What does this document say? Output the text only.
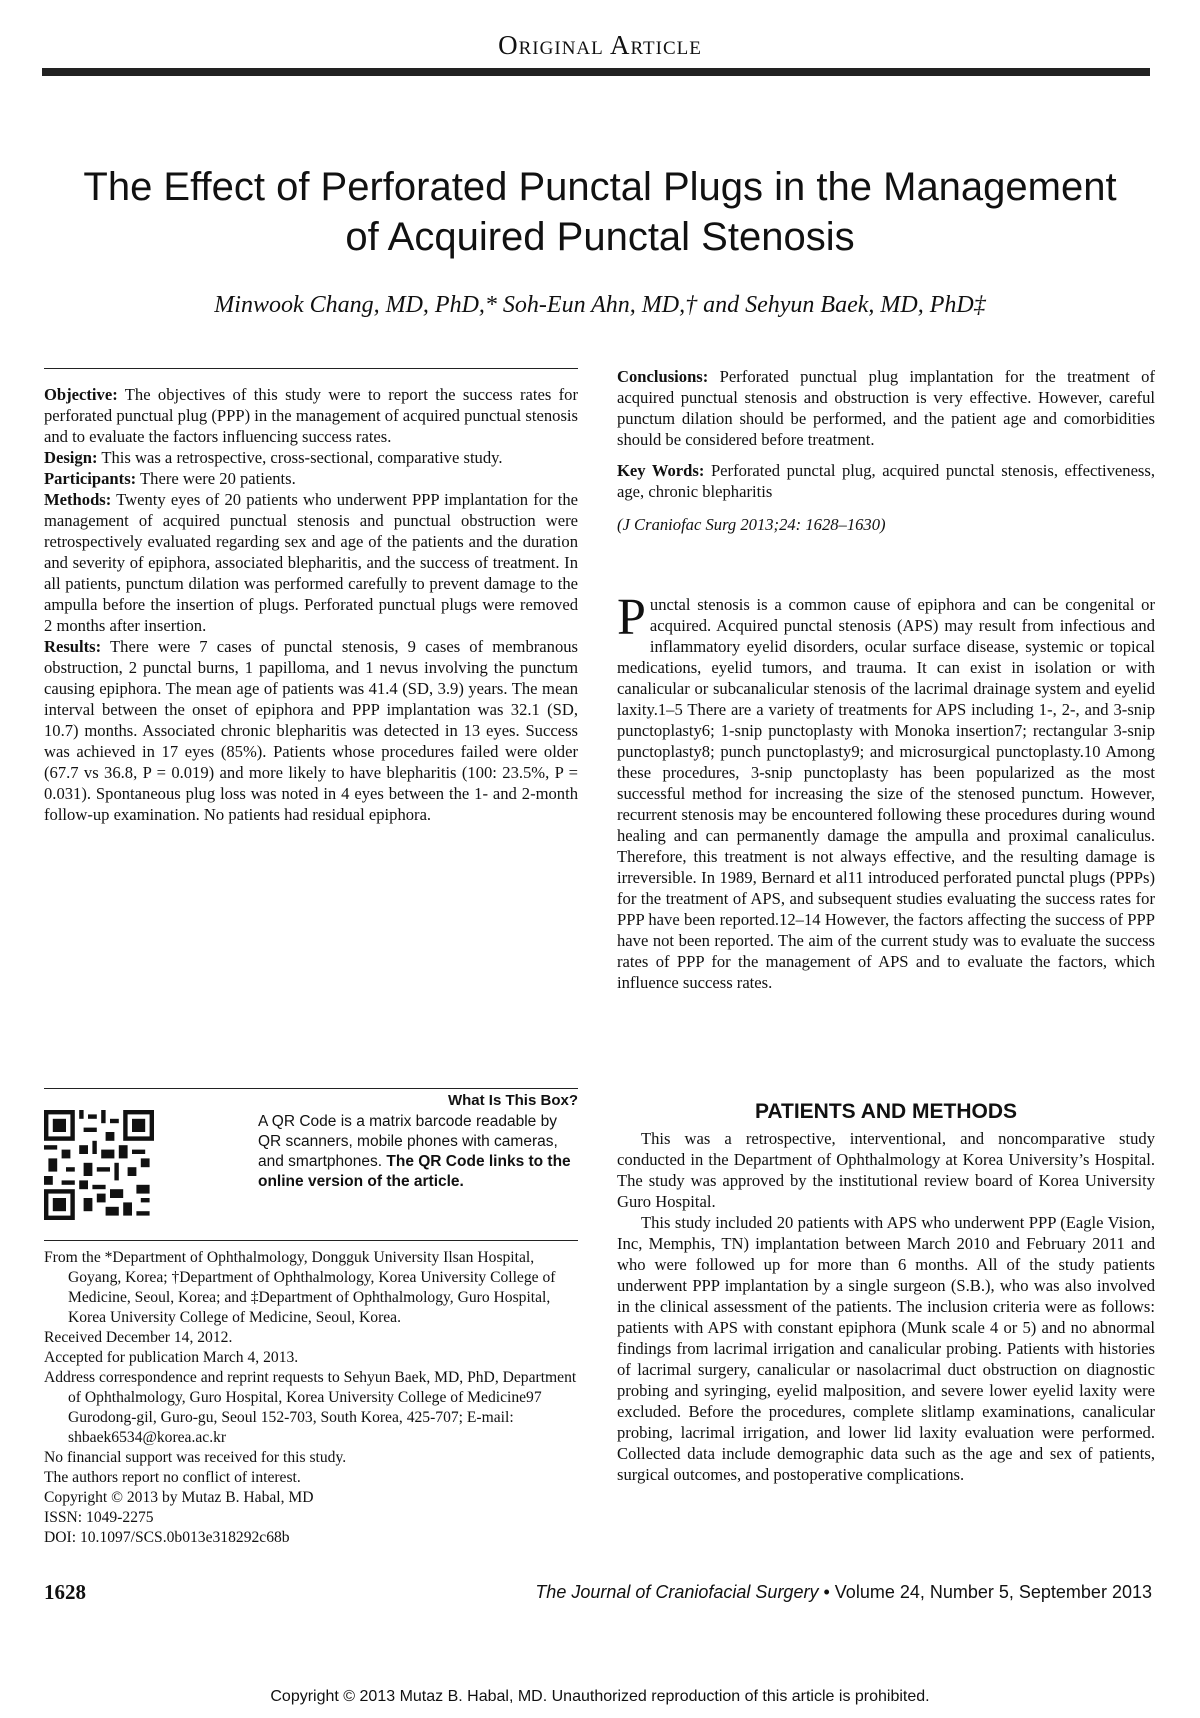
Original Article
The Effect of Perforated Punctal Plugs in the Management
of Acquired Punctal Stenosis
Minwook Chang, MD, PhD,* Soh-Eun Ahn, MD,† and Sehyun Baek, MD, PhD‡

Objective: The objectives of this study were to report the success rates for perforated punctual plug (PPP) in the management of acquired punctual stenosis and to evaluate the factors influencing success rates.

Design: This was a retrospective, cross-sectional, comparative study.

Participants: There were 20 patients.

Methods: Twenty eyes of 20 patients who underwent PPP implantation for the management of acquired punctual stenosis and punctual obstruction were retrospectively evaluated regarding sex and age of the patients and the duration and severity of epiphora, associated blepharitis, and the success of treatment. In all patients, punctum dilation was performed carefully to prevent damage to the ampulla before the insertion of plugs. Perforated punctual plugs were removed 2 months after insertion.

Results: There were 7 cases of punctal stenosis, 9 cases of membranous obstruction, 2 punctal burns, 1 papilloma, and 1 nevus involving the punctum causing epiphora. The mean age of patients was 41.4 (SD, 3.9) years. The mean interval between the onset of epiphora and PPP implantation was 32.1 (SD, 10.7) months. Associated chronic blepharitis was detected in 13 eyes. Success was achieved in 17 eyes (85%). Patients whose procedures failed were older (67.7 vs 36.8, P = 0.019) and more likely to have blepharitis (100: 23.5%, P = 0.031). Spontaneous plug loss was noted in 4 eyes between the 1- and 2-month follow-up examination. No patients had residual epiphora.

Conclusions: Perforated punctual plug implantation for the treatment of acquired punctual stenosis and obstruction is very effective. However, careful punctum dilation should be performed, and the patient age and comorbidities should be considered before treatment.

Key Words: Perforated punctal plug, acquired punctal stenosis, effectiveness, age, chronic blepharitis

(J Craniofac Surg 2013;24: 1628–1630)

Punctal stenosis is a common cause of epiphora and can be congenital or acquired. Acquired punctal stenosis (APS) may result from infectious and inflammatory eyelid disorders, ocular surface disease, systemic or topical medications, eyelid tumors, and trauma. It can exist in isolation or with canalicular or subcanalicular stenosis of the lacrimal drainage system and eyelid laxity.1–5 There are a variety of treatments for APS including 1-, 2-, and 3-snip punctoplasty6; 1-snip punctoplasty with Monoka insertion7; rectangular 3-snip punctoplasty8; punch punctoplasty9; and microsurgical punctoplasty.10 Among these procedures, 3-snip punctoplasty has been popularized as the most successful method for increasing the size of the stenosed punctum. However, recurrent stenosis may be encountered following these procedures during wound healing and can permanently damage the ampulla and proximal canaliculus. Therefore, this treatment is not always effective, and the resulting damage is irreversible. In 1989, Bernard et al11 introduced perforated punctal plugs (PPPs) for the treatment of APS, and subsequent studies evaluating the success rates for PPP have been reported.12–14 However, the factors affecting the success of PPP have not been reported. The aim of the current study was to evaluate the success rates of PPP for the management of APS and to evaluate the factors, which influence success rates.
What Is This Box?
A QR Code is a matrix barcode readable by QR scanners, mobile phones with cameras, and smartphones. The QR Code links to the online version of the article.

From the *Department of Ophthalmology, Dongguk University Ilsan Hospital, Goyang, Korea; †Department of Ophthalmology, Korea University College of Medicine, Seoul, Korea; and ‡Department of Ophthalmology, Guro Hospital, Korea University College of Medicine, Seoul, Korea.

Received December 14, 2012.

Accepted for publication March 4, 2013.

Address correspondence and reprint requests to Sehyun Baek, MD, PhD, Department of Ophthalmology, Guro Hospital, Korea University College of Medicine97 Gurodong-gil, Guro-gu, Seoul 152-703, South Korea, 425-707; E-mail: shbaek6534@korea.ac.kr

No financial support was received for this study.

The authors report no conflict of interest.

Copyright © 2013 by Mutaz B. Habal, MD

ISSN: 1049-2275

DOI: 10.1097/SCS.0b013e318292c68b

PATIENTS AND METHODS

This was a retrospective, interventional, and noncomparative study conducted in the Department of Ophthalmology at Korea University’s Hospital. The study was approved by the institutional review board of Korea University Guro Hospital.

This study included 20 patients with APS who underwent PPP (Eagle Vision, Inc, Memphis, TN) implantation between March 2010 and February 2011 and who were followed up for more than 6 months. All of the study patients underwent PPP implantation by a single surgeon (S.B.), who was also involved in the clinical assessment of the patients. The inclusion criteria were as follows: patients with APS with constant epiphora (Munk scale 4 or 5) and no abnormal findings from lacrimal irrigation and canalicular probing. Patients with histories of lacrimal surgery, canalicular or nasolacrimal duct obstruction on diagnostic probing and syringing, eyelid malposition, and severe lower eyelid laxity were excluded. Before the procedures, complete slitlamp examinations, canalicular probing, lacrimal irrigation, and lower lid laxity evaluation were performed. Collected data include demographic data such as the age and sex of patients, surgical outcomes, and postoperative complications.

1628	The Journal of Craniofacial Surgery • Volume 24, Number 5, September 2013
Copyright © 2013 Mutaz B. Habal, MD. Unauthorized reproduction of this article is prohibited.
